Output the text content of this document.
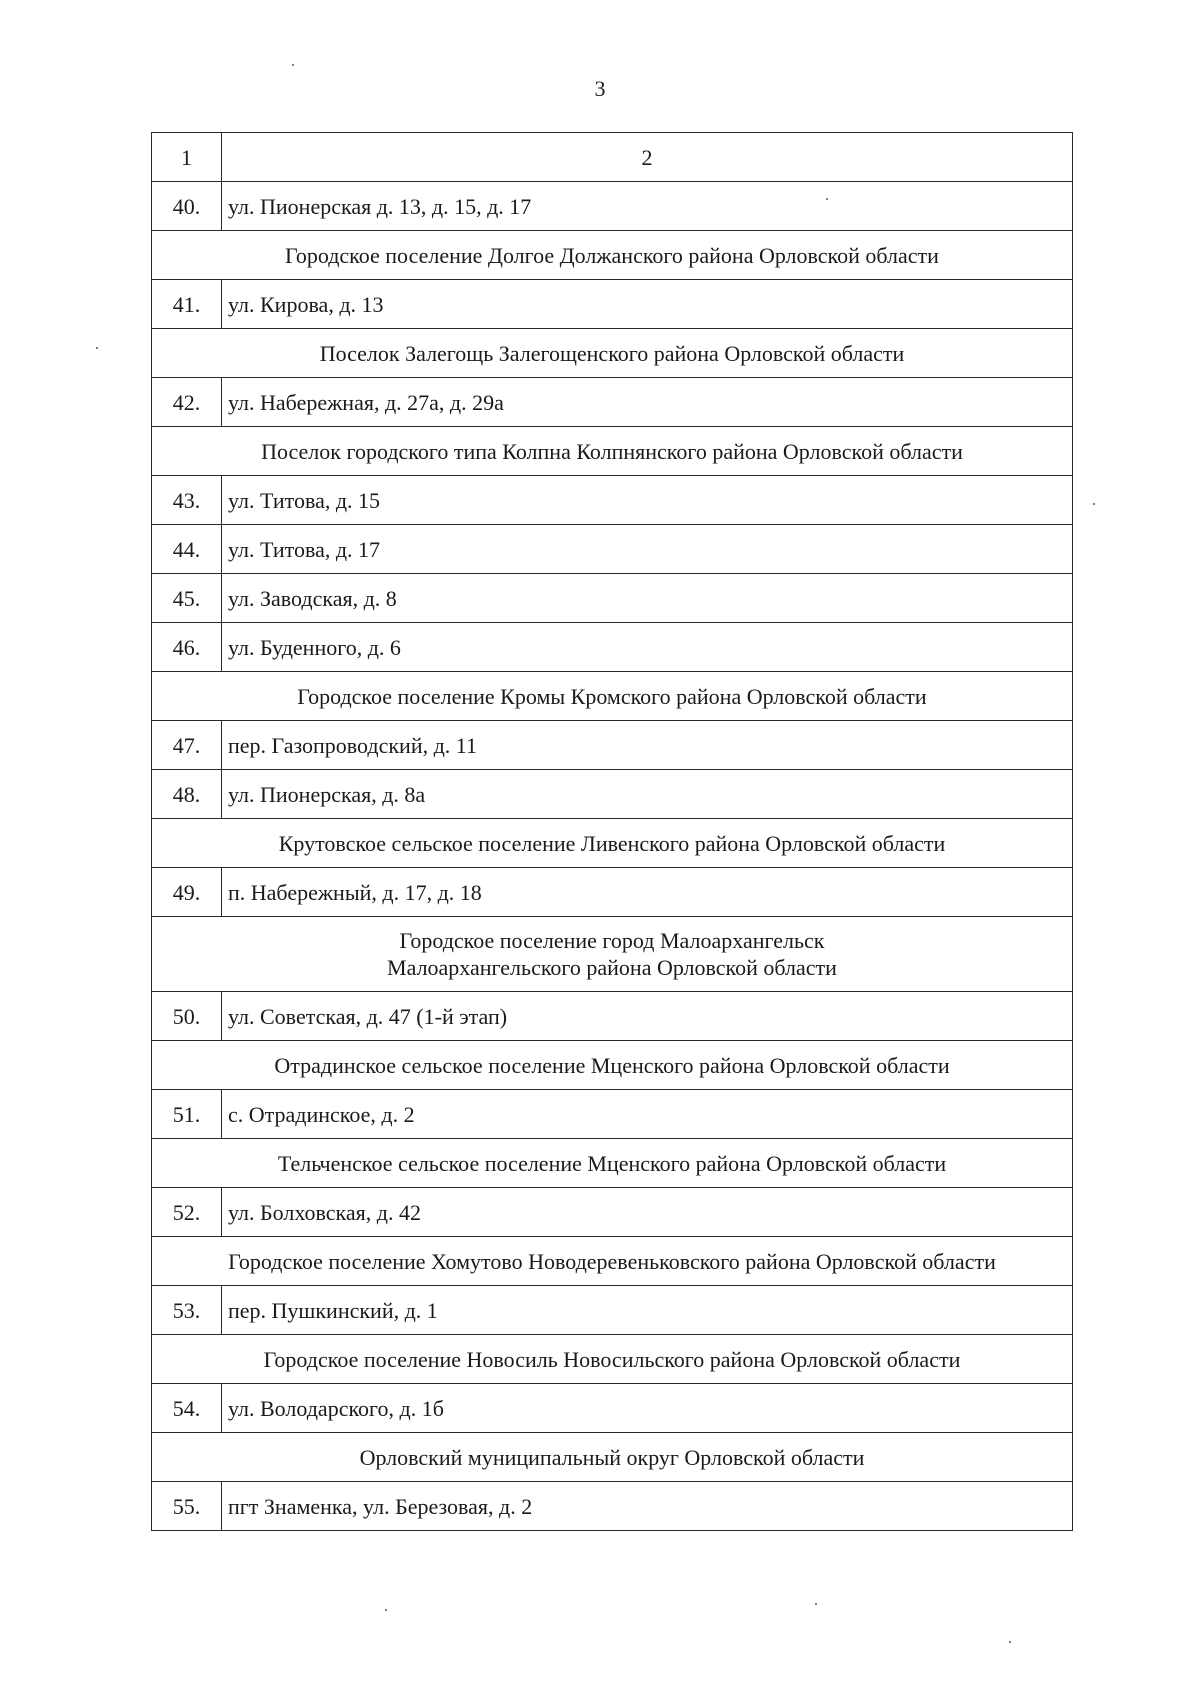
3
1	2
40.	ул. Пионерская д. 13, д. 15, д. 17
Городское поселение Долгое Должанского района Орловской области	
41.	ул. Кирова, д. 13
Поселок Залегощь Залегощенского района Орловской области	
42.	ул. Набережная, д. 27а, д. 29а
Поселок городского типа Колпна Колпнянского района Орловской области	
43.	ул. Титова, д. 15
44.	ул. Титова, д. 17
45.	ул. Заводская, д. 8
46.	ул. Буденного, д. 6
Городское поселение Кромы Кромского района Орловской области	
47.	пер. Газопроводский, д. 11
48.	ул. Пионерская, д. 8а
Крутовское сельское поселение Ливенского района Орловской области	
49.	п. Набережный, д. 17, д. 18
Городское поселение город Малоархангельск
Малоархангельского района Орловской области	
50.	ул. Советская, д. 47 (1-й этап)
Отрадинское сельское поселение Мценского района Орловской области	
51.	с. Отрадинское, д. 2
Тельченское сельское поселение Мценского района Орловской области	
52.	ул. Болховская, д. 42
Городское поселение Хомутово Новодеревеньковского района Орловской области	
53.	пер. Пушкинский, д. 1
Городское поселение Новосиль Новосильского района Орловской области	
54.	ул. Володарского, д. 1б
Орловский муниципальный округ Орловской области	
55.	пгт Знаменка, ул. Березовая, д. 2
